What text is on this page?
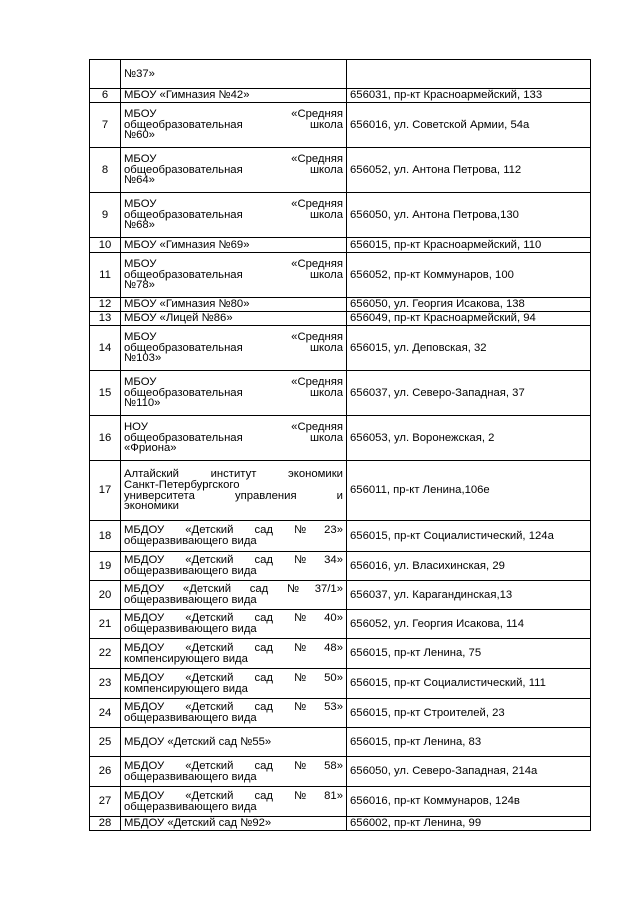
	№37»	

6	МБОУ «Гимназия №42»	656031, пр-кт Красноармейский, 133
7	МБОУ «Средняя
общеобразовательная школа
№60»	656016, ул. Советской Армии, 54а
8	МБОУ «Средняя
общеобразовательная школа
№64»	656052, ул. Антона Петрова, 112
9	МБОУ «Средняя
общеобразовательная школа
№68»	656050, ул. Антона Петрова,130
10	МБОУ «Гимназия №69»	656015, пр-кт Красноармейский, 110
11	МБОУ «Средняя
общеобразовательная школа
№78»	656052, пр-кт Коммунаров, 100
12	МБОУ «Гимназия №80»	656050, ул. Георгия Исакова, 138
13	МБОУ «Лицей №86»	656049, пр-кт Красноармейский, 94
14	МБОУ «Средняя
общеобразовательная школа
№103»	656015, ул. Деповская, 32
15	МБОУ «Средняя
общеобразовательная школа
№110»	656037, ул. Северо-Западная, 37
16	НОУ «Средняя
общеобразовательная школа
«Фриона»	656053, ул. Воронежская, 2
17	Алтайский институт экономики
Санкт-Петербургского
университета управления и
экономики	656011, пр-кт Ленина,106е
18	МБДОУ «Детский сад №23»
общеразвивающего вида	656015, пр-кт Социалистический, 124а
19	МБДОУ «Детский сад №34»
общеразвивающего вида	656016, ул. Власихинская, 29
20	МБДОУ «Детский сад №37/1»
общеразвивающего вида	656037, ул. Карагандинская,13
21	МБДОУ «Детский сад №40»
общеразвивающего вида	656052, ул. Георгия Исакова, 114
22	МБДОУ «Детский сад №48»
компенсирующего вида	656015, пр-кт Ленина, 75
23	МБДОУ «Детский сад №50»
компенсирующего вида	656015, пр-кт Социалистический, 111
24	МБДОУ «Детский сад №53»
общеразвивающего вида	656015, пр-кт Строителей, 23
25	МБДОУ «Детский сад №55»	656015, пр-кт Ленина, 83
26	МБДОУ «Детский сад №58»
общеразвивающего вида	656050, ул. Северо-Западная, 214а
27	МБДОУ «Детский сад №81»
общеразвивающего вида	656016, пр-кт Коммунаров, 124в
28	МБДОУ «Детский сад №92»	656002, пр-кт Ленина, 99
